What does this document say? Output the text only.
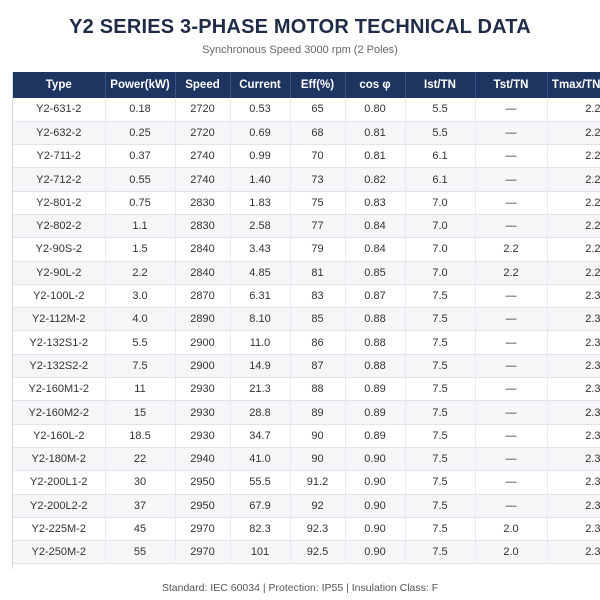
Y2 SERIES 3-PHASE MOTOR TECHNICAL DATA
Synchronous Speed 3000 rpm (2 Poles)
Type	Power(kW)	Speed	Current	Eff(%)	cos φ	Ist/TN	Tst/TN	Tmax/TN
Y2-631-2	0.18	2720	0.53	65	0.80	5.5	—	2.2
Y2-632-2	0.25	2720	0.69	68	0.81	5.5	—	2.2
Y2-711-2	0.37	2740	0.99	70	0.81	6.1	—	2.2
Y2-712-2	0.55	2740	1.40	73	0.82	6.1	—	2.2
Y2-801-2	0.75	2830	1.83	75	0.83	7.0	—	2.2
Y2-802-2	1.1	2830	2.58	77	0.84	7.0	—	2.2
Y2-90S-2	1.5	2840	3.43	79	0.84	7.0	2.2	2.2
Y2-90L-2	2.2	2840	4.85	81	0.85	7.0	2.2	2.2
Y2-100L-2	3.0	2870	6.31	83	0.87	7.5	—	2.3
Y2-112M-2	4.0	2890	8.10	85	0.88	7.5	—	2.3
Y2-132S1-2	5.5	2900	11.0	86	0.88	7.5	—	2.3
Y2-132S2-2	7.5	2900	14.9	87	0.88	7.5	—	2.3
Y2-160M1-2	11	2930	21.3	88	0.89	7.5	—	2.3
Y2-160M2-2	15	2930	28.8	89	0.89	7.5	—	2.3
Y2-160L-2	18.5	2930	34.7	90	0.89	7.5	—	2.3
Y2-180M-2	22	2940	41.0	90	0.90	7.5	—	2.3
Y2-200L1-2	30	2950	55.5	91.2	0.90	7.5	—	2.3
Y2-200L2-2	37	2950	67.9	92	0.90	7.5	—	2.3
Y2-225M-2	45	2970	82.3	92.3	0.90	7.5	2.0	2.3
Y2-250M-2	55	2970	101	92.5	0.90	7.5	2.0	2.3
Standard: IEC 60034 | Protection: IP55 | Insulation Class: F
